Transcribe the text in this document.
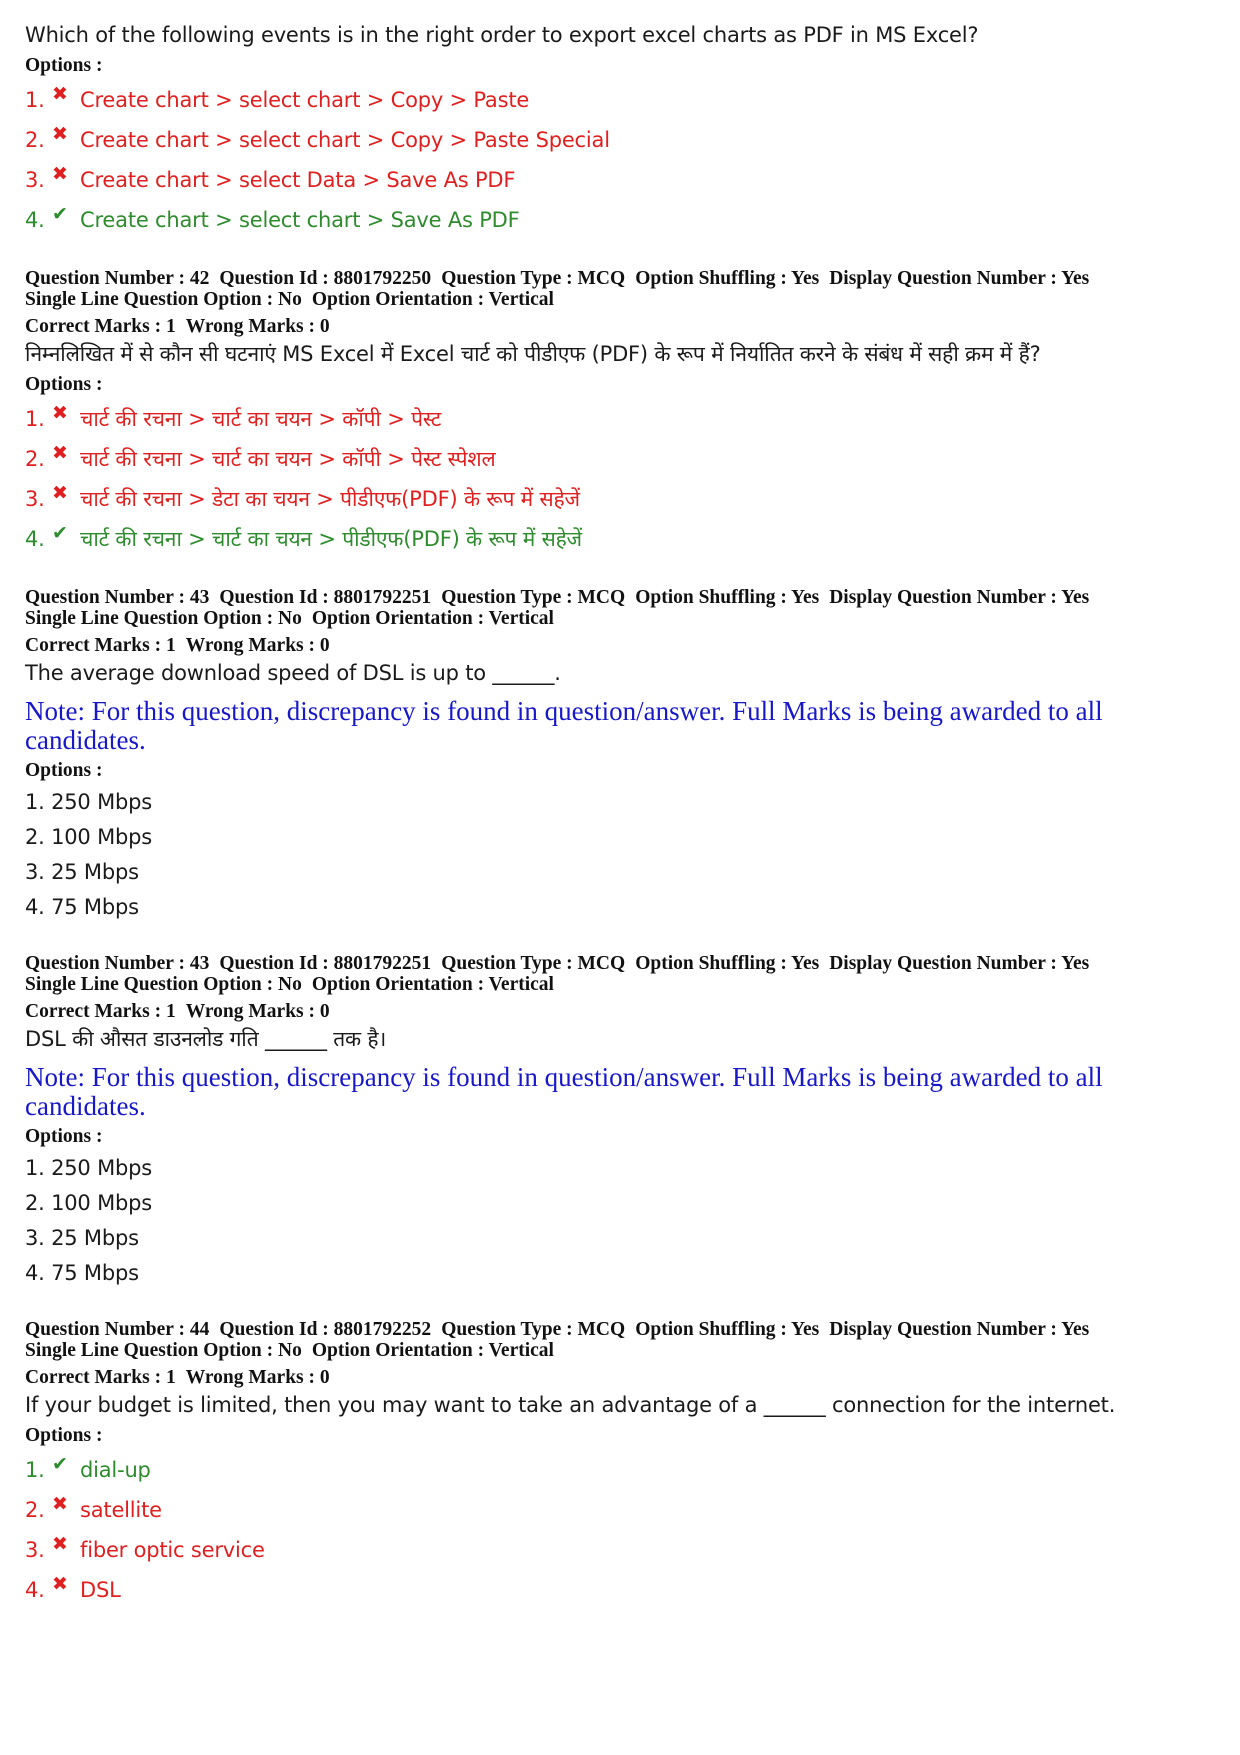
Which of the following events is in the right order to export excel charts as PDF in MS Excel?
Options :
1. ✖ Create chart > select chart > Copy > Paste
2. ✖ Create chart > select chart > Copy > Paste Special
3. ✖ Create chart > select Data > Save As PDF
4. ✔ Create chart > select chart > Save As PDF
Question Number : 42 Question Id : 8801792250 Question Type : MCQ Option Shuffling : Yes Display Question Number : Yes
Single Line Question Option : No Option Orientation : Vertical
Correct Marks : 1 Wrong Marks : 0
निम्नलिखित में से कौन सी घटनाएं MS Excel में Excel चार्ट को पीडीएफ (PDF) के रूप में निर्यातित करने के संबंध में सही क्रम में हैं?
Options :
1. ✖ चार्ट की रचना > चार्ट का चयन > कॉपी > पेस्ट
2. ✖ चार्ट की रचना > चार्ट का चयन > कॉपी > पेस्ट स्पेशल
3. ✖ चार्ट की रचना > डेटा का चयन > पीडीएफ(PDF) के रूप में सहेजें
4. ✔ चार्ट की रचना > चार्ट का चयन > पीडीएफ(PDF) के रूप में सहेजें
Question Number : 43 Question Id : 8801792251 Question Type : MCQ Option Shuffling : Yes Display Question Number : Yes
Single Line Question Option : No Option Orientation : Vertical
Correct Marks : 1 Wrong Marks : 0
The average download speed of DSL is up to ______.
Note: For this question, discrepancy is found in question/answer. Full Marks is being awarded to all candidates.
Options :
1. 250 Mbps
2. 100 Mbps
3. 25 Mbps
4. 75 Mbps
Question Number : 43 Question Id : 8801792251 Question Type : MCQ Option Shuffling : Yes Display Question Number : Yes
Single Line Question Option : No Option Orientation : Vertical
Correct Marks : 1 Wrong Marks : 0
DSL की औसत डाउनलोड गति ______ तक है।
Note: For this question, discrepancy is found in question/answer. Full Marks is being awarded to all candidates.
Options :
1. 250 Mbps
2. 100 Mbps
3. 25 Mbps
4. 75 Mbps
Question Number : 44 Question Id : 8801792252 Question Type : MCQ Option Shuffling : Yes Display Question Number : Yes
Single Line Question Option : No Option Orientation : Vertical
Correct Marks : 1 Wrong Marks : 0
If your budget is limited, then you may want to take an advantage of a ______ connection for the internet.
Options :
1. ✔ dial-up
2. ✖ satellite
3. ✖ fiber optic service
4. ✖ DSL
